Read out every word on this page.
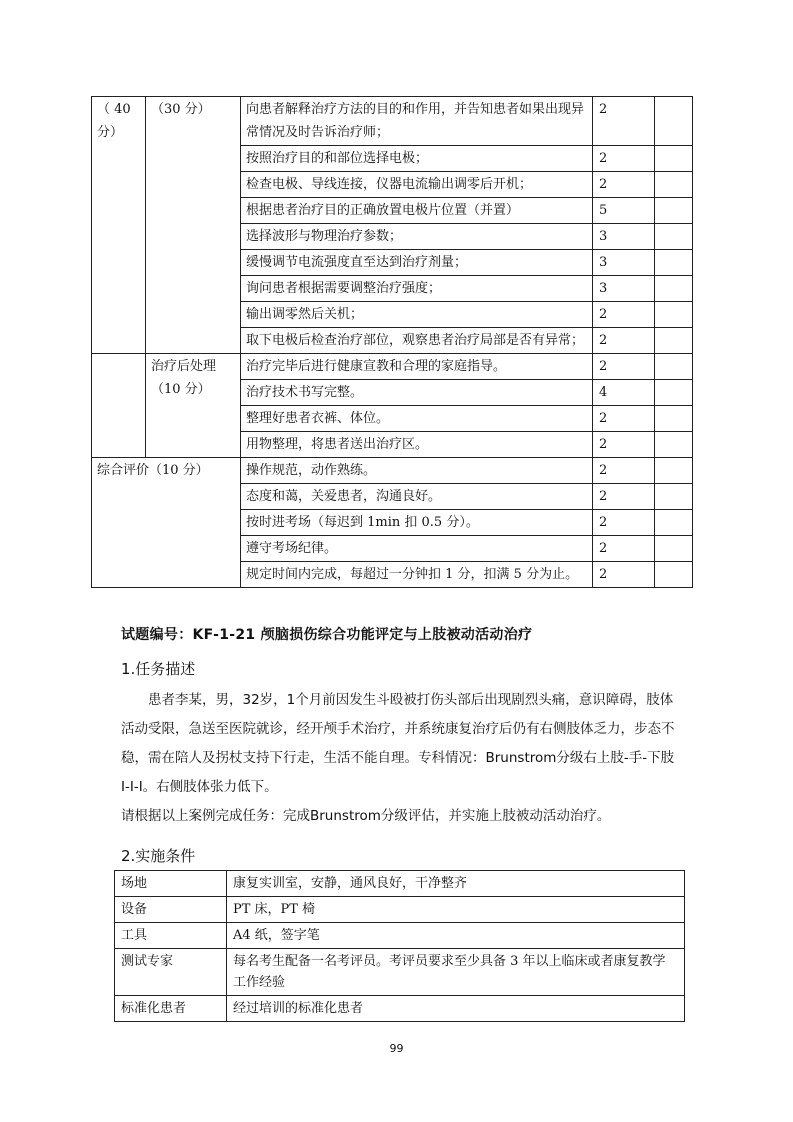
（ 40 分）	（30 分）	向患者解释治疗方法的目的和作用，并告知患者如果出现异常情况及时告诉治疗师；	2	
		按照治疗目的和部位选择电极；	2	
		检查电极、导线连接，仪器电流输出调零后开机；	2	
		根据患者治疗目的正确放置电极片位置（并置）	5	
		选择波形与物理治疗参数；	3	
		缓慢调节电流强度直至达到治疗剂量；	3	
		询问患者根据需要调整治疗强度；	3	
		输出调零然后关机；	2	
		取下电极后检查治疗部位，观察患者治疗局部是否有异常；	2	
	治疗后处理（10 分）	治疗完毕后进行健康宣教和合理的家庭指导。	2	
		治疗技术书写完整。	4	
		整理好患者衣裤、体位。	2	
		用物整理，将患者送出治疗区。	2	
综合评价（10 分）		操作规范，动作熟练。	2	
		态度和蔼，关爱患者，沟通良好。	2	
		按时进考场（每迟到 1min 扣 0.5 分）。	2	
		遵守考场纪律。	2	
		规定时间内完成，每超过一分钟扣 1 分，扣满 5 分为止。	2	
试题编号：KF-1-21 颅脑损伤综合功能评定与上肢被动活动治疗
1.任务描述

患者李某，男，32岁，1个月前因发生斗殴被打伤头部后出现剧烈头痛，意识障碍，肢体活动受限，急送至医院就诊，经开颅手术治疗，并系统康复治疗后仍有右侧肢体乏力，步态不稳，需在陪人及拐杖支持下行走，生活不能自理。专科情况：Brunstrom分级右上肢-手-下肢Ⅰ-Ⅰ-Ⅰ。右侧肢体张力低下。

请根据以上案例完成任务：完成Brunstrom分级评估，并实施上肢被动活动治疗。

2.实施条件
场地	康复实训室，安静，通风良好，干净整齐
设备	PT 床，PT 椅
工具	A4 纸，签字笔
测试专家	每名考生配备一名考评员。考评员要求至少具备 3 年以上临床或者康复教学工作经验
标准化患者	经过培训的标准化患者
99
